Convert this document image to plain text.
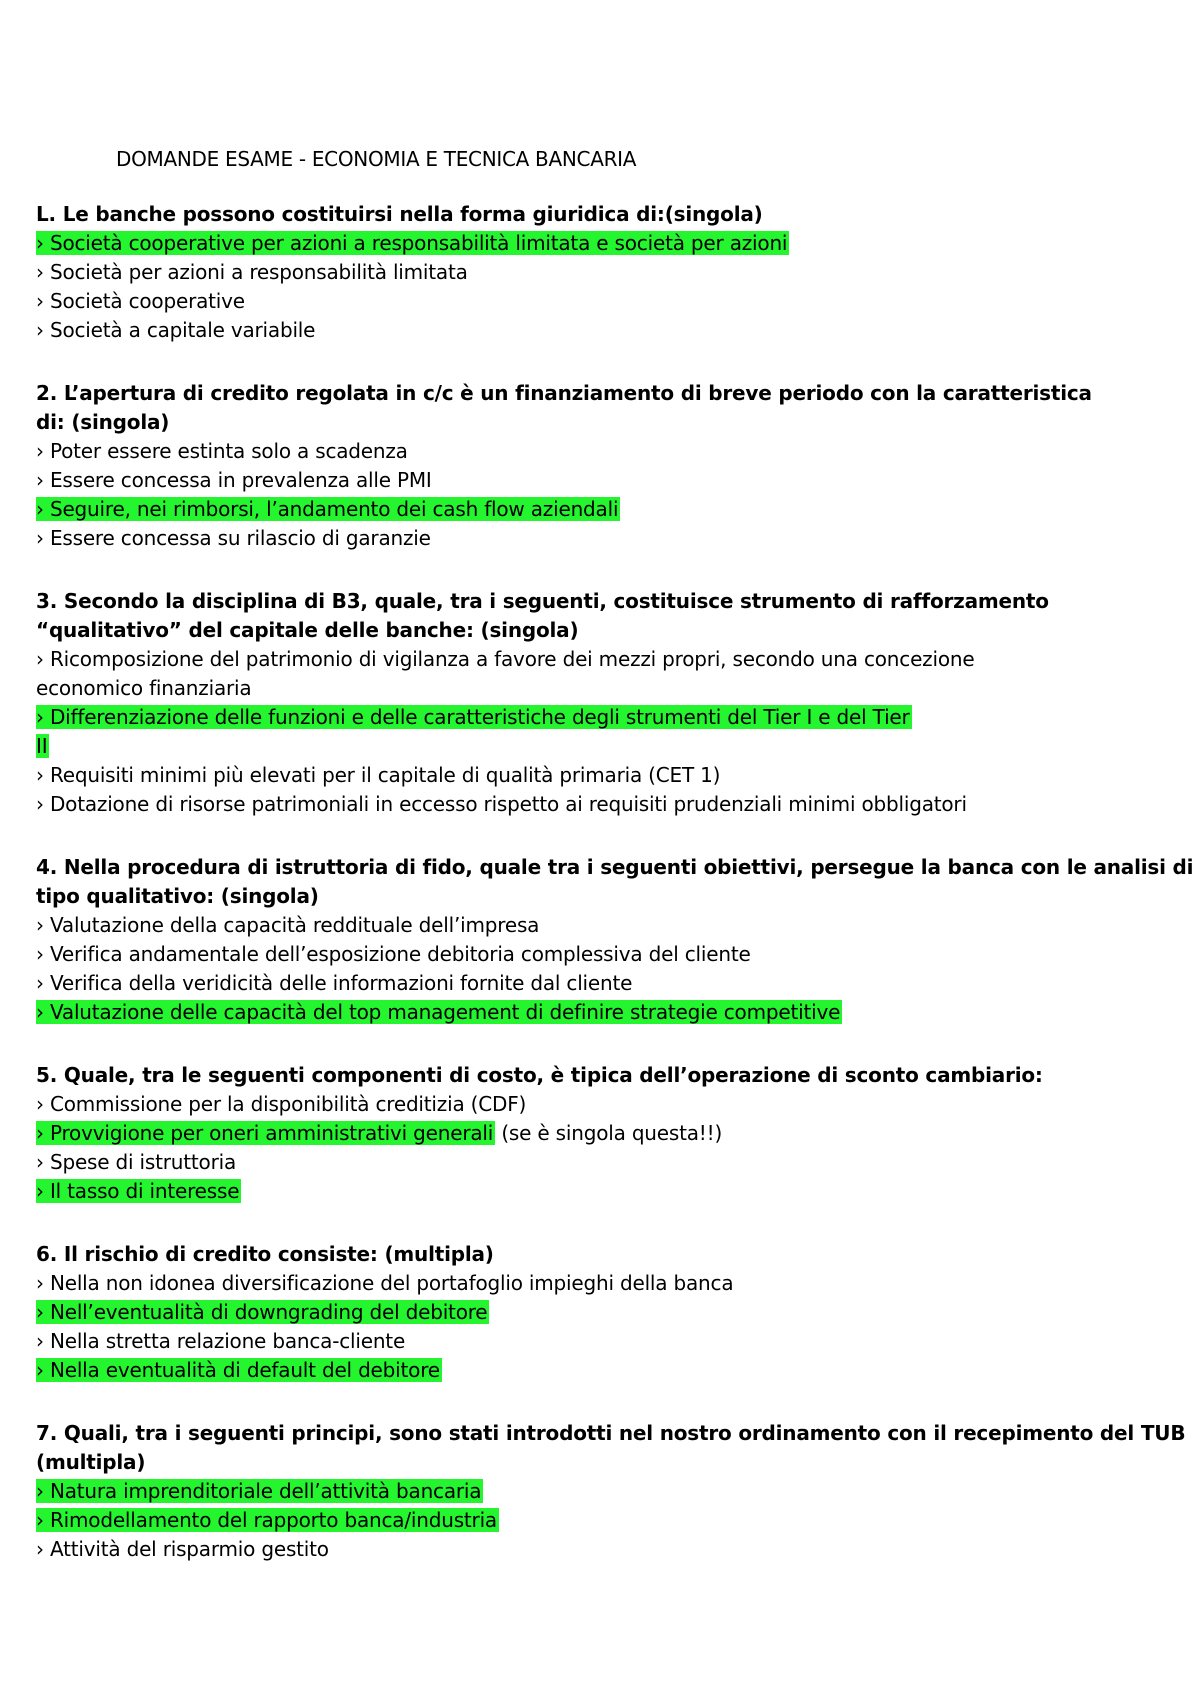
DOMANDE ESAME - ECONOMIA E TECNICA BANCARIA
L. Le banche possono costituirsi nella forma giuridica di:(singola)
› Società cooperative per azioni a responsabilità limitata e società per azioni
› Società per azioni a responsabilità limitata
› Società cooperative
› Società a capitale variabile
2. L’apertura di credito regolata in c/c è un finanziamento di breve periodo con la caratteristica
di: (singola)
› Poter essere estinta solo a scadenza
› Essere concessa in prevalenza alle PMI
› Seguire, nei rimborsi, l’andamento dei cash flow aziendali
› Essere concessa su rilascio di garanzie
3. Secondo la disciplina di B3, quale, tra i seguenti, costituisce strumento di rafforzamento
“qualitativo” del capitale delle banche: (singola)
› Ricomposizione del patrimonio di vigilanza a favore dei mezzi propri, secondo una concezione
economico finanziaria
› Differenziazione delle funzioni e delle caratteristiche degli strumenti del Tier I e del Tier
II
› Requisiti minimi più elevati per il capitale di qualità primaria (CET 1)
› Dotazione di risorse patrimoniali in eccesso rispetto ai requisiti prudenziali minimi obbligatori
4. Nella procedura di istruttoria di fido, quale tra i seguenti obiettivi, persegue la banca con le analisi di
tipo qualitativo: (singola)
› Valutazione della capacità reddituale dell’impresa
› Verifica andamentale dell’esposizione debitoria complessiva del cliente
› Verifica della veridicità delle informazioni fornite dal cliente
› Valutazione delle capacità del top management di definire strategie competitive
5. Quale, tra le seguenti componenti di costo, è tipica dell’operazione di sconto cambiario:
› Commissione per la disponibilità creditizia (CDF)
› Provvigione per oneri amministrativi generali (se è singola questa!!)
› Spese di istruttoria
› Il tasso di interesse
6. Il rischio di credito consiste: (multipla)
› Nella non idonea diversificazione del portafoglio impieghi della banca
› Nell’eventualità di downgrading del debitore
› Nella stretta relazione banca-cliente
› Nella eventualità di default del debitore
7. Quali, tra i seguenti principi, sono stati introdotti nel nostro ordinamento con il recepimento del TUB
(multipla)
› Natura imprenditoriale dell’attività bancaria
› Rimodellamento del rapporto banca/industria
› Attività del risparmio gestito
